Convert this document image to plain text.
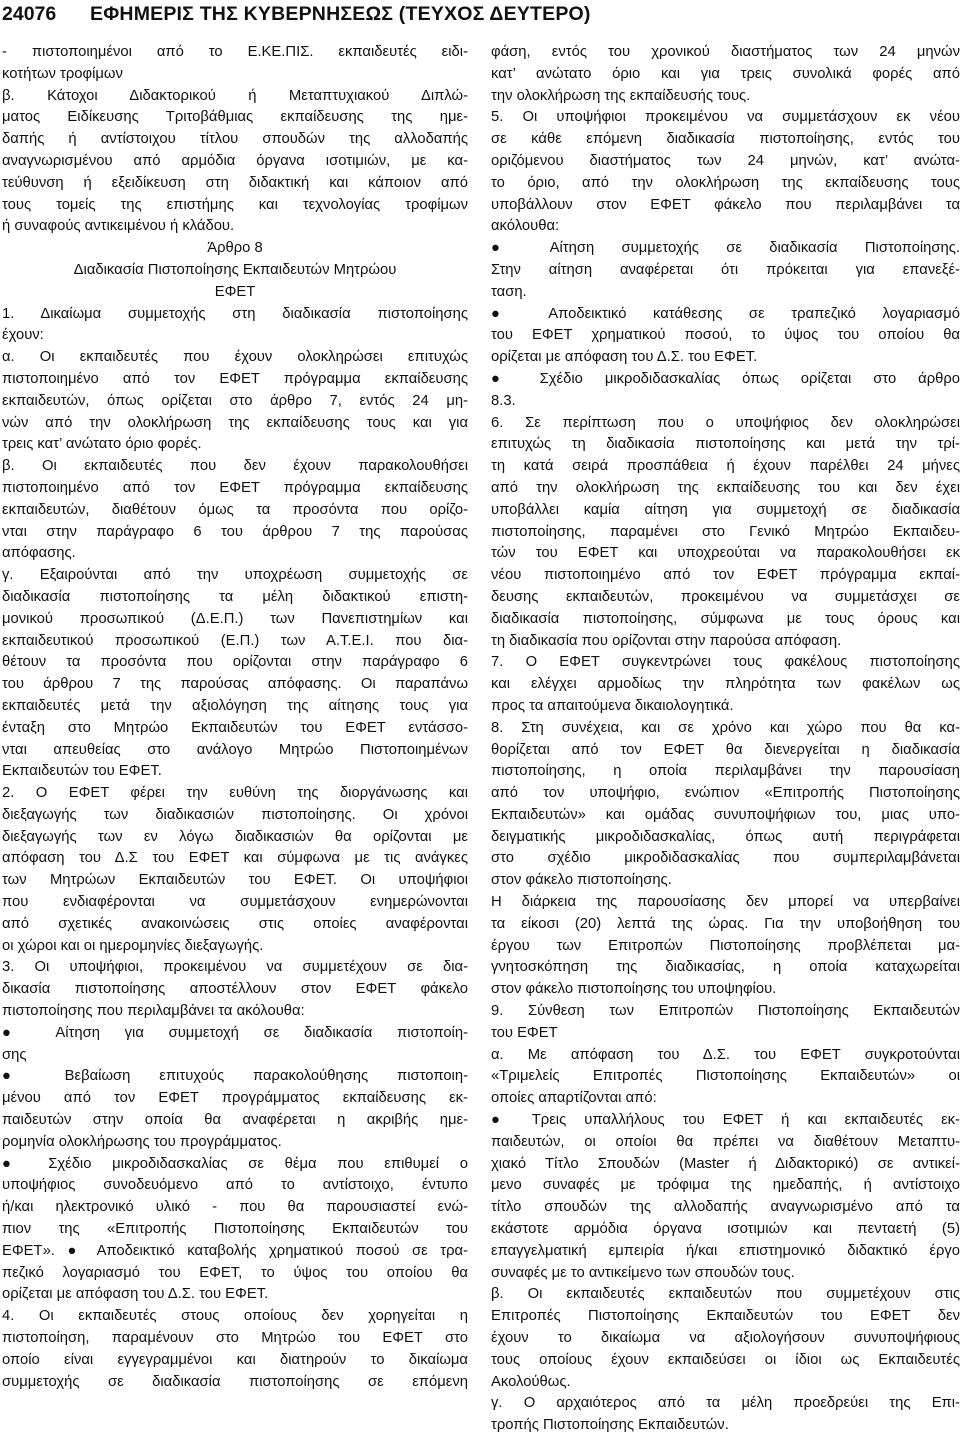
24076 ΕΦΗΜΕΡΙΣ ΤΗΣ ΚΥΒΕΡΝΗΣΕΩΣ (ΤΕΥΧΟΣ ΔΕΥΤΕΡΟ)
- πιστοποιημένοι από το Ε.ΚΕ.ΠΙΣ. εκπαιδευτές ειδι-
κοτήτων τροφίμων
β. Κάτοχοι Διδακτορικού ή Μεταπτυχιακού Διπλώ-
ματος Ειδίκευσης Τριτοβάθμιας εκπαίδευσης της ημε-
δαπής ή αντίστοιχου τίτλου σπουδών της αλλοδαπής
αναγνωρισμένου από αρμόδια όργανα ισοτιμιών, με κα-
τεύθυνση ή εξειδίκευση στη διδακτική και κάποιον από
τους τομείς της επιστήμης και τεχνολογίας τροφίμων
ή συναφούς αντικειμένου ή κλάδου.
Άρθρο 8
Διαδικασία Πιστοποίησης Εκπαιδευτών Μητρώου
ΕΦΕΤ
1. Δικαίωμα συμμετοχής στη διαδικασία πιστοποίησης
έχουν:
α. Οι εκπαιδευτές που έχουν ολοκληρώσει επιτυχώς
πιστοποιημένο από τον ΕΦΕΤ πρόγραμμα εκπαίδευσης
εκπαιδευτών, όπως ορίζεται στο άρθρο 7, εντός 24 μη-
νών από την ολοκλήρωση της εκπαίδευσης τους και για
τρεις κατ’ ανώτατο όριο φορές.
β. Οι εκπαιδευτές που δεν έχουν παρακολουθήσει
πιστοποιημένο από τον ΕΦΕΤ πρόγραμμα εκπαίδευσης
εκπαιδευτών, διαθέτουν όμως τα προσόντα που ορίζο-
νται στην παράγραφο 6 του άρθρου 7 της παρούσας
απόφασης.
γ. Εξαιρούνται από την υποχρέωση συμμετοχής σε
διαδικασία πιστοποίησης τα μέλη διδακτικού επιστη-
μονικού προσωπικού (Δ.Ε.Π.) των Πανεπιστημίων και
εκπαιδευτικού προσωπικού (Ε.Π.) των Α.Τ.Ε.Ι. που δια-
θέτουν τα προσόντα που ορίζονται στην παράγραφο 6
του άρθρου 7 της παρούσας απόφασης. Οι παραπάνω
εκπαιδευτές μετά την αξιολόγηση της αίτησης τους για
ένταξη στο Μητρώο Εκπαιδευτών του ΕΦΕΤ εντάσσο-
νται απευθείας στο ανάλογο Μητρώο Πιστοποιημένων
Εκπαιδευτών του ΕΦΕΤ.
2. Ο ΕΦΕΤ φέρει την ευθύνη της διοργάνωσης και
διεξαγωγής των διαδικασιών πιστοποίησης. Οι χρόνοι
διεξαγωγής των εν λόγω διαδικασιών θα ορίζονται με
απόφαση του Δ.Σ του ΕΦΕΤ και σύμφωνα με τις ανάγκες
των Μητρώων Εκπαιδευτών του ΕΦΕΤ. Οι υποψήφιοι
που ενδιαφέρονται να συμμετάσχουν ενημερώνονται
από σχετικές ανακοινώσεις στις οποίες αναφέρονται
οι χώροι και οι ημερομηνίες διεξαγωγής.
3. Οι υποψήφιοι, προκειμένου να συμμετέχουν σε δια-
δικασία πιστοποίησης αποστέλλουν στον ΕΦΕΤ φάκελο
πιστοποίησης που περιλαμβάνει τα ακόλουθα:
● Αίτηση για συμμετοχή σε διαδικασία πιστοποίη-
σης
● Βεβαίωση επιτυχούς παρακολούθησης πιστοποιη-
μένου από τον ΕΦΕΤ προγράμματος εκπαίδευσης εκ-
παιδευτών στην οποία θα αναφέρεται η ακριβής ημε-
ρομηνία ολοκλήρωσης του προγράμματος.
● Σχέδιο μικροδιδασκαλίας σε θέμα που επιθυμεί ο
υποψήφιος συνοδευόμενο από το αντίστοιχο, έντυπο
ή/και ηλεκτρονικό υλικό - που θα παρουσιαστεί ενώ-
πιον της «Επιτροπής Πιστοποίησης Εκπαιδευτών του
ΕΦΕΤ». ● Αποδεικτικό καταβολής χρηματικού ποσού σε τρα-
πεζικό λογαριασμό του ΕΦΕΤ, το ύψος του οποίου θα
ορίζεται με απόφαση του Δ.Σ. του ΕΦΕΤ.
4. Οι εκπαιδευτές στους οποίους δεν χορηγείται η
πιστοποίηση, παραμένουν στο Μητρώο του ΕΦΕΤ στο
οποίο είναι εγγεγραμμένοι και διατηρούν το δικαίωμα
συμμετοχής σε διαδικασία πιστοποίησης σε επόμενη
φάση, εντός του χρονικού διαστήματος των 24 μηνών
κατ’ ανώτατο όριο και για τρεις συνολικά φορές από
την ολοκλήρωση της εκπαίδευσής τους.
5. Οι υποψήφιοι προκειμένου να συμμετάσχουν εκ νέου
σε κάθε επόμενη διαδικασία πιστοποίησης, εντός του
οριζόμενου διαστήματος των 24 μηνών, κατ’ ανώτα-
το όριο, από την ολοκλήρωση της εκπαίδευσης τους
υποβάλλουν στον ΕΦΕΤ φάκελο που περιλαμβάνει τα
ακόλουθα:
● Αίτηση συμμετοχής σε διαδικασία Πιστοποίησης.
Στην αίτηση αναφέρεται ότι πρόκειται για επανεξέ-
ταση.
● Αποδεικτικό κατάθεσης σε τραπεζικό λογαριασμό
του ΕΦΕΤ χρηματικού ποσού, το ύψος του οποίου θα
ορίζεται με απόφαση του Δ.Σ. του ΕΦΕΤ.
● Σχέδιο μικροδιδασκαλίας όπως ορίζεται στο άρθρο
8.3.
6. Σε περίπτωση που ο υποψήφιος δεν ολοκληρώσει
επιτυχώς τη διαδικασία πιστοποίησης και μετά την τρί-
τη κατά σειρά προσπάθεια ή έχουν παρέλθει 24 μήνες
από την ολοκλήρωση της εκπαίδευσης του και δεν έχει
υποβάλλει καμία αίτηση για συμμετοχή σε διαδικασία
πιστοποίησης, παραμένει στο Γενικό Μητρώο Εκπαιδευ-
τών του ΕΦΕΤ και υποχρεούται να παρακολουθήσει εκ
νέου πιστοποιημένο από τον ΕΦΕΤ πρόγραμμα εκπαί-
δευσης εκπαιδευτών, προκειμένου να συμμετάσχει σε
διαδικασία πιστοποίησης, σύμφωνα με τους όρους και
τη διαδικασία που ορίζονται στην παρούσα απόφαση.
7. Ο ΕΦΕΤ συγκεντρώνει τους φακέλους πιστοποίησης
και ελέγχει αρμοδίως την πληρότητα των φακέλων ως
προς τα απαιτούμενα δικαιολογητικά.
8. Στη συνέχεια, και σε χρόνο και χώρο που θα κα-
θορίζεται από τον ΕΦΕΤ θα διενεργείται η διαδικασία
πιστοποίησης, η οποία περιλαμβάνει την παρουσίαση
από τον υποψήφιο, ενώπιον «Επιτροπής Πιστοποίησης
Εκπαιδευτών» και ομάδας συνυποψήφιων του, μιας υπο-
δειγματικής μικροδιδασκαλίας, όπως αυτή περιγράφεται
στο σχέδιο μικροδιδασκαλίας που συμπεριλαμβάνεται
στον φάκελο πιστοποίησης.
Η διάρκεια της παρουσίασης δεν μπορεί να υπερβαίνει
τα είκοσι (20) λεπτά της ώρας. Για την υποβοήθηση του
έργου των Επιτροπών Πιστοποίησης προβλέπεται μα-
γνητοσκόπηση της διαδικασίας, η οποία καταχωρείται
στον φάκελο πιστοποίησης του υποψηφίου.
9. Σύνθεση των Επιτροπών Πιστοποίησης Εκπαιδευτών
του ΕΦΕΤ
α. Με απόφαση του Δ.Σ. του ΕΦΕΤ συγκροτούνται
«Τριμελείς Επιτροπές Πιστοποίησης Εκπαιδευτών» οι
οποίες απαρτίζονται από:
● Τρεις υπαλλήλους του ΕΦΕΤ ή και εκπαιδευτές εκ-
παιδευτών, οι οποίοι θα πρέπει να διαθέτουν Μεταπτυ-
χιακό Τίτλο Σπουδών (Master ή Διδακτορικό) σε αντικεί-
μενο συναφές με τρόφιμα της ημεδαπής, ή αντίστοιχο
τίτλο σπουδών της αλλοδαπής αναγνωρισμένο από τα
εκάστοτε αρμόδια όργανα ισοτιμιών και πενταετή (5)
επαγγελματική εμπειρία ή/και επιστημονικό διδακτικό έργο
συναφές με το αντικείμενο των σπουδών τους.
β. Οι εκπαιδευτές εκπαιδευτών που συμμετέχουν στις
Επιτροπές Πιστοποίησης Εκπαιδευτών του ΕΦΕΤ δεν
έχουν το δικαίωμα να αξιολογήσουν συνυποψήφιους
τους οποίους έχουν εκπαιδεύσει οι ίδιοι ως Εκπαιδευτές
Ακολούθως.
γ. Ο αρχαιότερος από τα μέλη προεδρεύει της Επι-
τροπής Πιστοποίησης Εκπαιδευτών.
